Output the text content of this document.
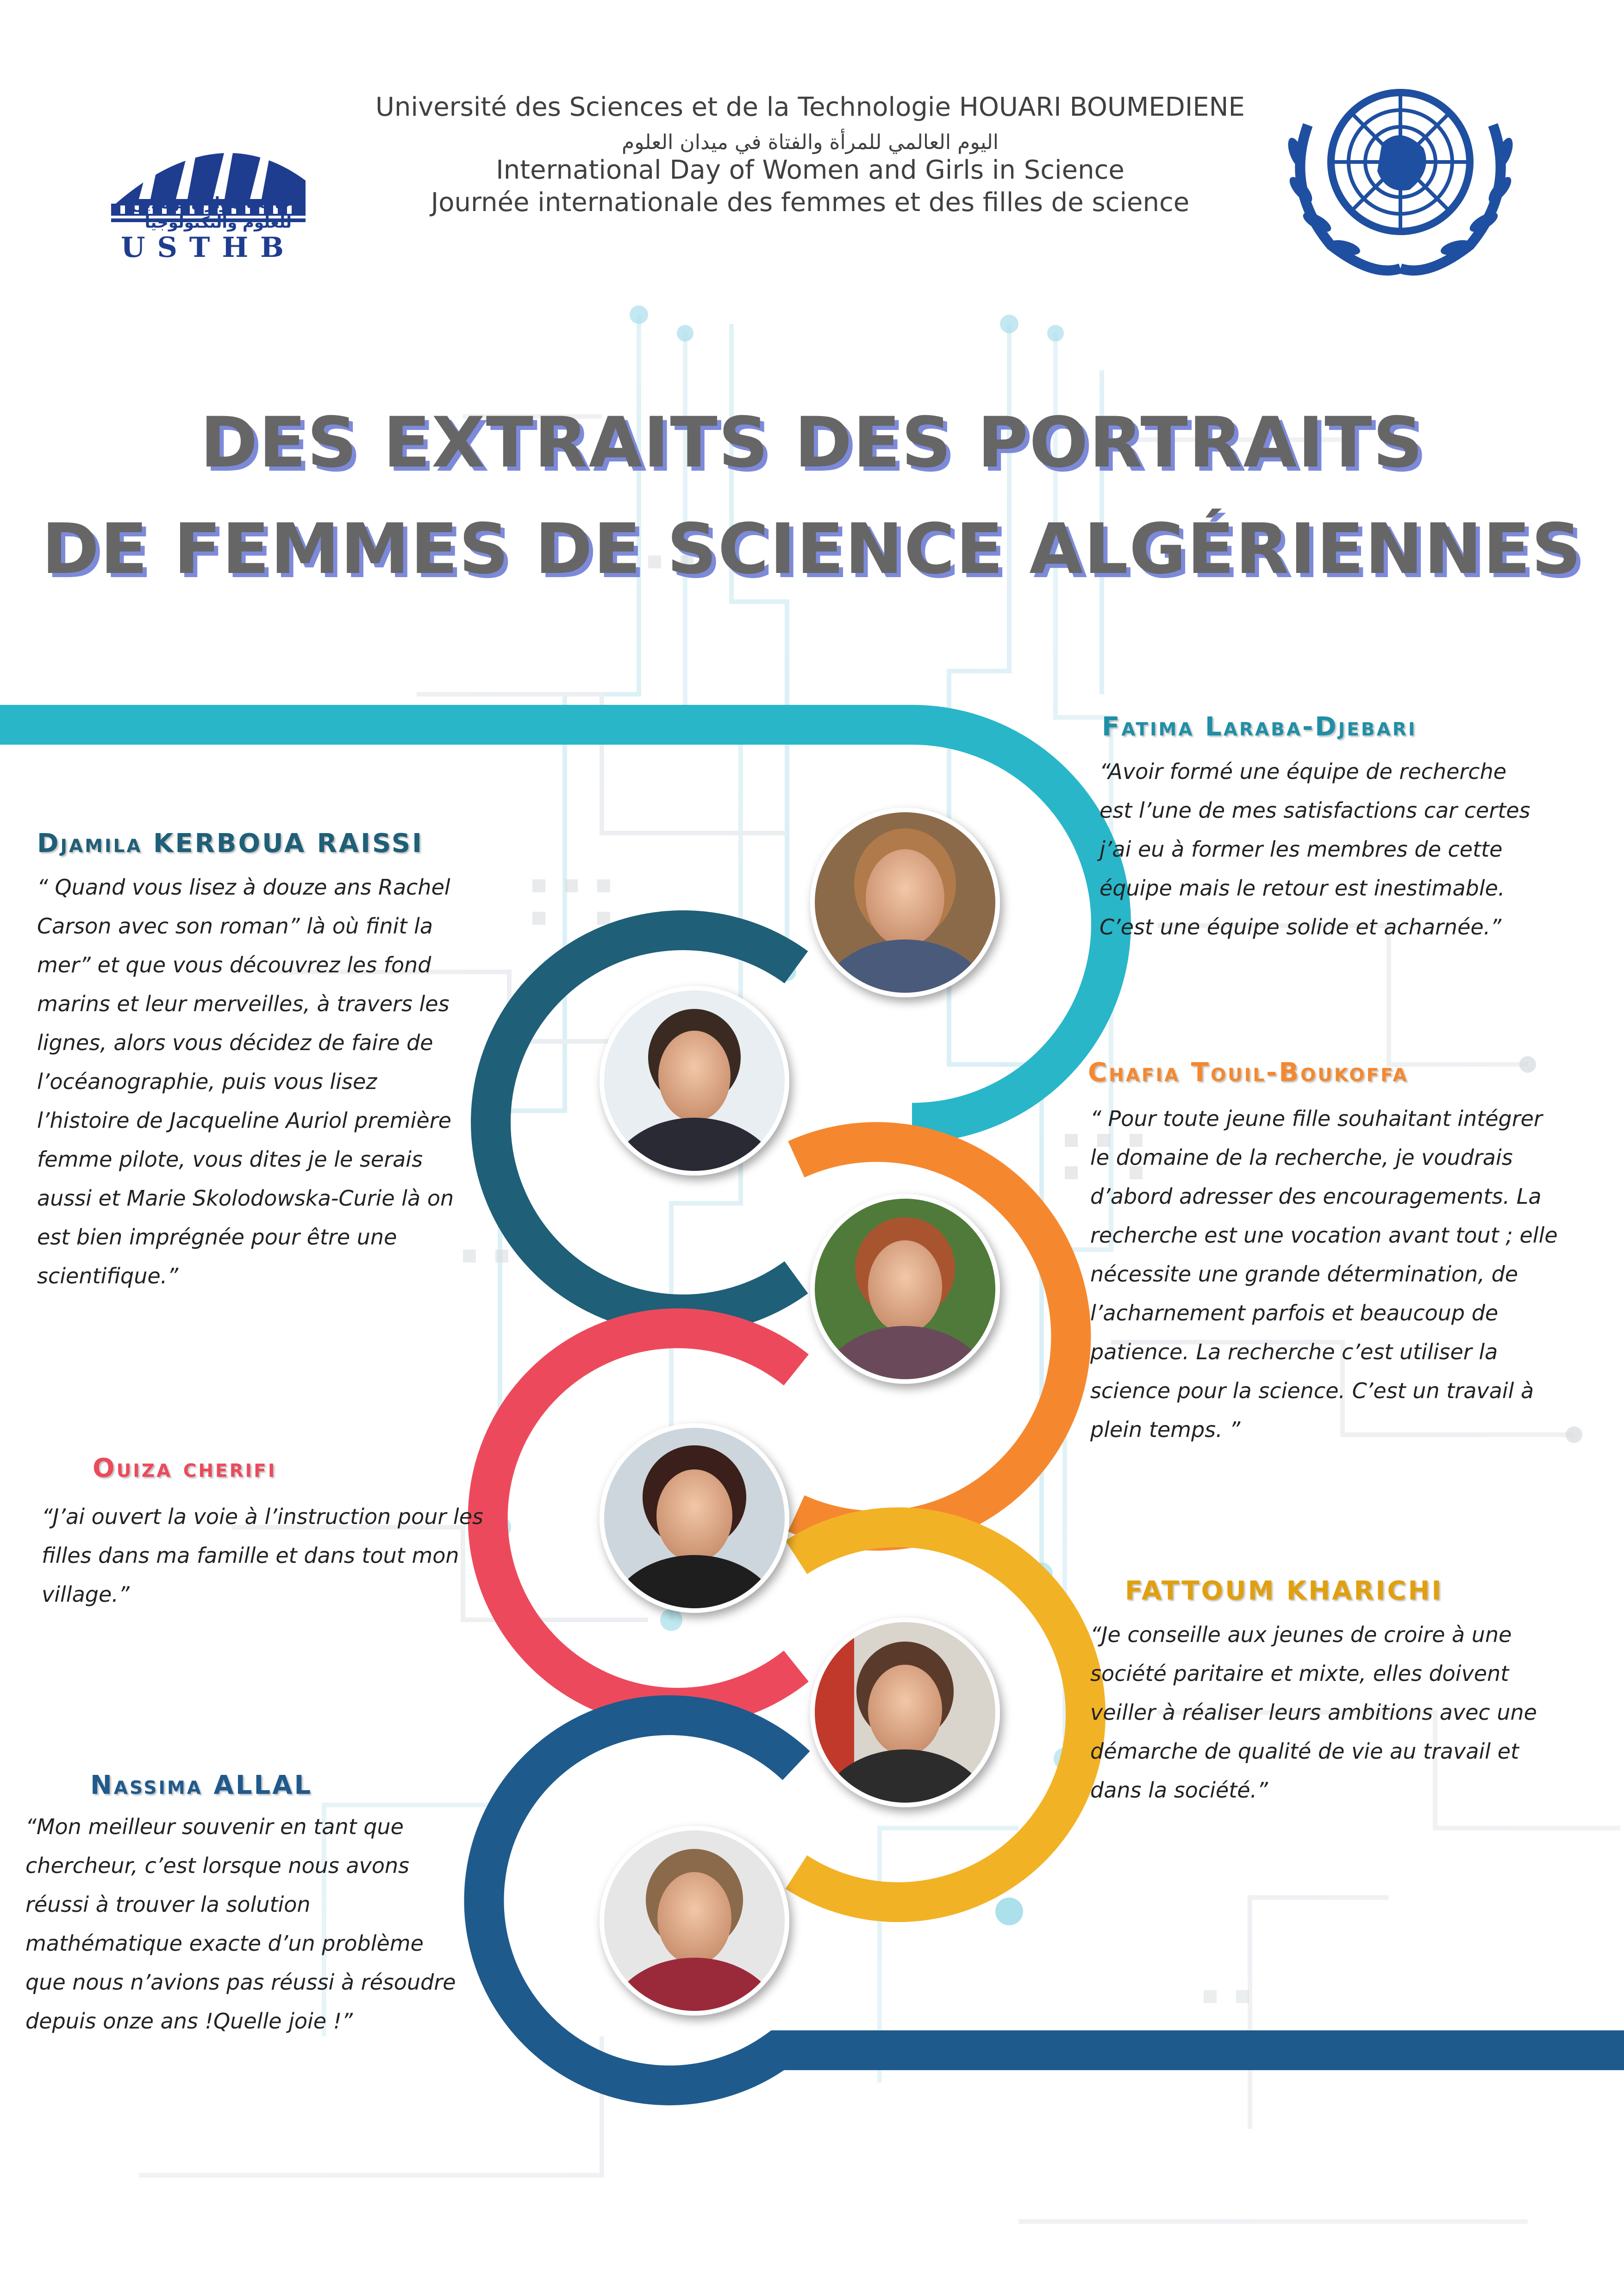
جامعة هواري بومدين للعلوم والتكنولوجيا
USTHB
Université des Sciences et de la Technologie HOUARI BOUMEDIENE
اليوم العالمي للمرأة والفتاة في ميدان العلوم
International Day of Women and Girls in Science
Journée internationale des femmes et des filles de science
DES EXTRAITS DES PORTRAITS
DE FEMMES DE SCIENCE ALGÉRIENNES
Fatima Laraba-Djebari
“Avoir formé une équipe de recherche
est l’une de mes satisfactions car certes
j’ai eu à former les membres de cette
équipe mais le retour est inestimable.
C’est une équipe solide et acharnée.”
Djamila KERBOUA RAISSI
“ Quand vous lisez à douze ans Rachel
Carson avec son roman” là où finit la
mer” et que vous découvrez les fond
marins et leur merveilles, à travers les
lignes, alors vous décidez de faire de
l’océanographie, puis vous lisez
l’histoire de Jacqueline Auriol première
femme pilote, vous dites je le serais
aussi et Marie Skolodowska-Curie là on
est bien imprégnée pour être une
scientifique.”
Chafia Touil-Boukoffa
“ Pour toute jeune fille souhaitant intégrer
le domaine de la recherche, je voudrais
d’abord adresser des encouragements. La
recherche est une vocation avant tout ; elle
nécessite une grande détermination, de
l’acharnement parfois et beaucoup de
patience. La recherche c’est utiliser la
science pour la science. C’est un travail à
plein temps. ”
Ouiza cherifi
“J’ai ouvert la voie à l’instruction pour les
filles dans ma famille et dans tout mon
village.”	FATTOUM KHARICHI
“Je conseille aux jeunes de croire à une
société paritaire et mixte, elles doivent
veiller à réaliser leurs ambitions avec une
démarche de qualité de vie au travail et
dans la société.”
Nassima ALLAL
“Mon meilleur souvenir en tant que
chercheur, c’est lorsque nous avons
réussi à trouver la solution
mathématique exacte d’un problème
que nous n’avions pas réussi à résoudre
depuis onze ans !Quelle joie !”
